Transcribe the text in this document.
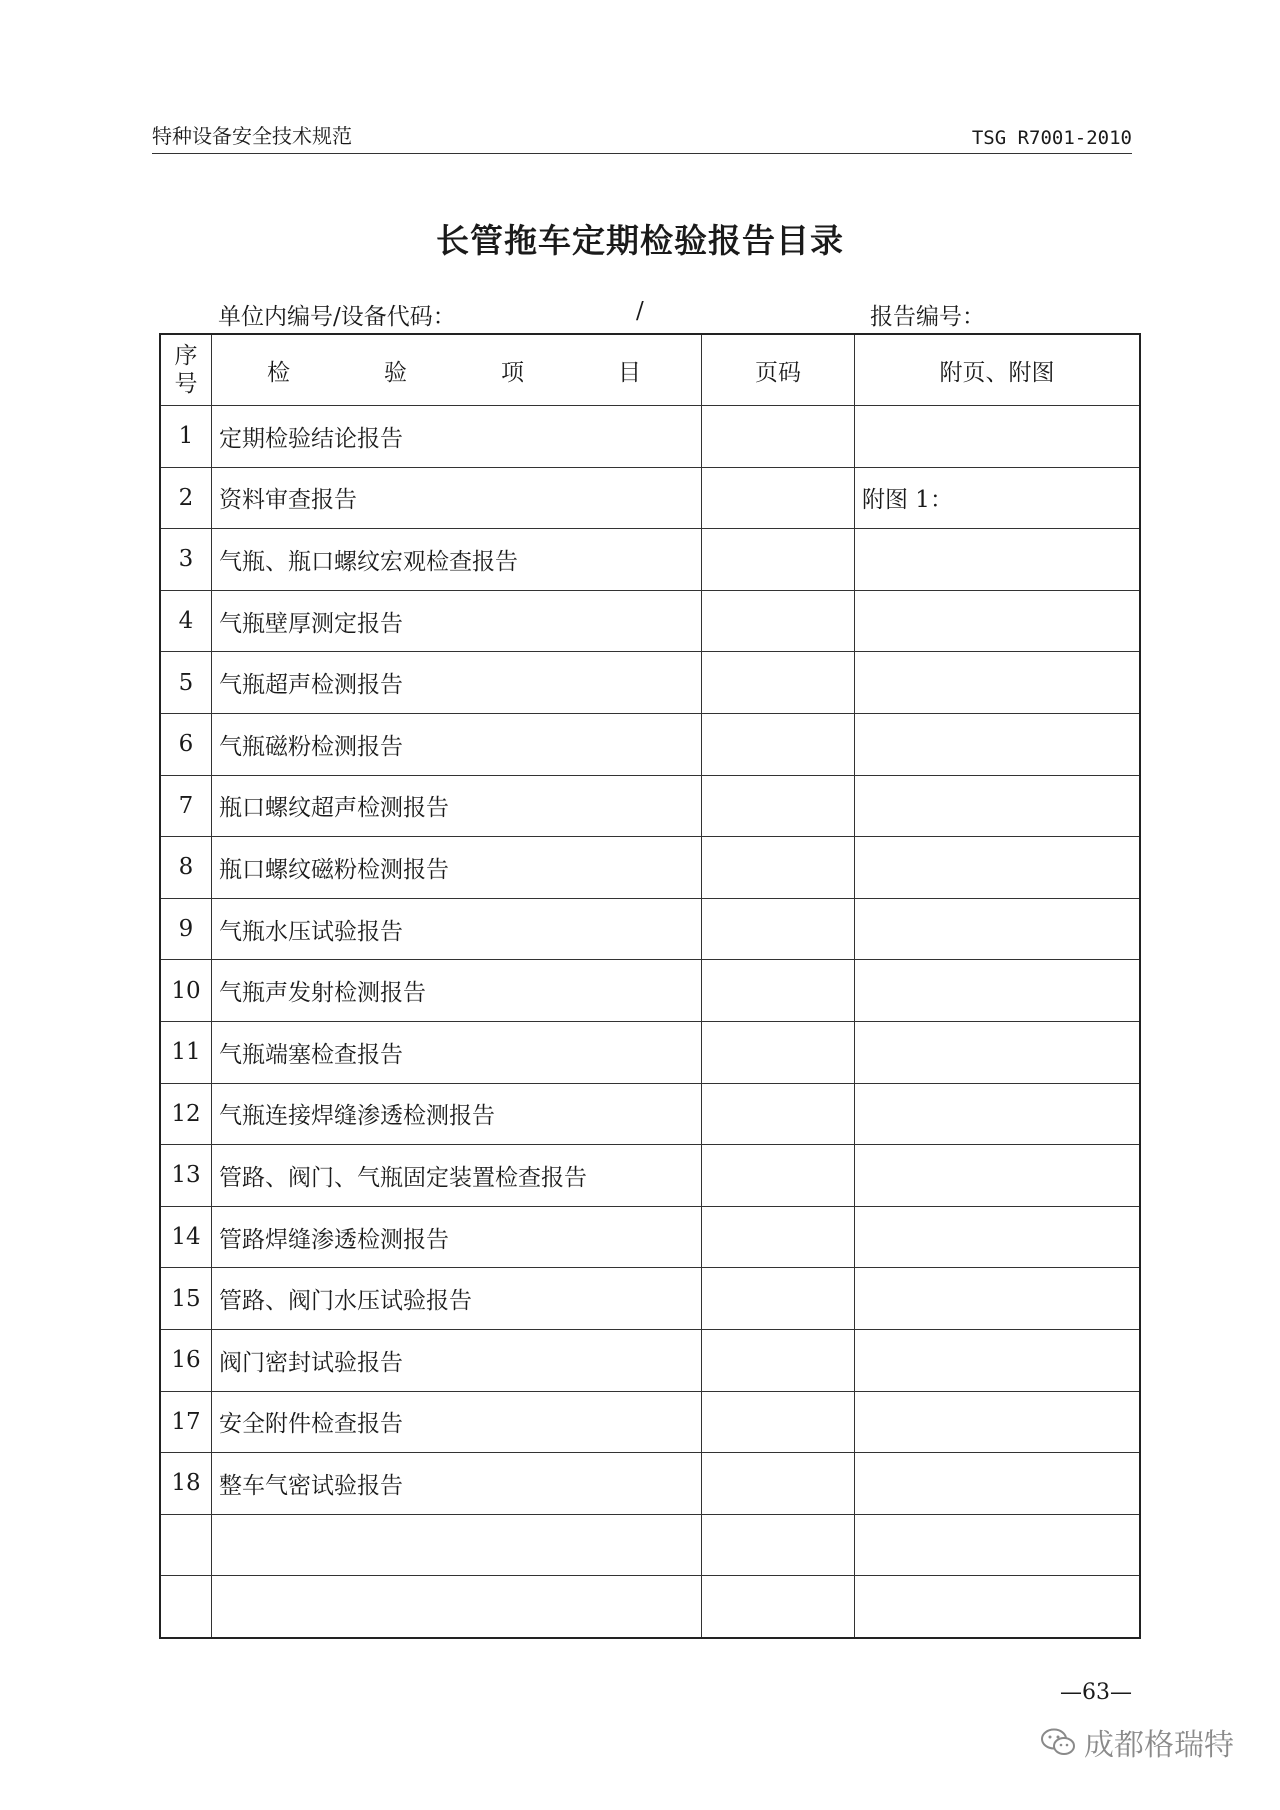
特种设备安全技术规范	TSG R7001-2010
长管拖车定期检验报告目录
单位内编号/设备代码：	/	报告编号：
序
号	检 验 项 目	页码	附页、附图
1	定期检验结论报告		
2	资料审查报告		附图 1：
3	气瓶、瓶口螺纹宏观检查报告		
4	气瓶壁厚测定报告		
5	气瓶超声检测报告		
6	气瓶磁粉检测报告		
7	瓶口螺纹超声检测报告		
8	瓶口螺纹磁粉检测报告		
9	气瓶水压试验报告		
10	气瓶声发射检测报告		
11	气瓶端塞检查报告		
12	气瓶连接焊缝渗透检测报告		
13	管路、阀门、气瓶固定装置检查报告		
14	管路焊缝渗透检测报告		
15	管路、阀门水压试验报告		
16	阀门密封试验报告		
17	安全附件检查报告		
18	整车气密试验报告		

—63—
成都格瑞特
